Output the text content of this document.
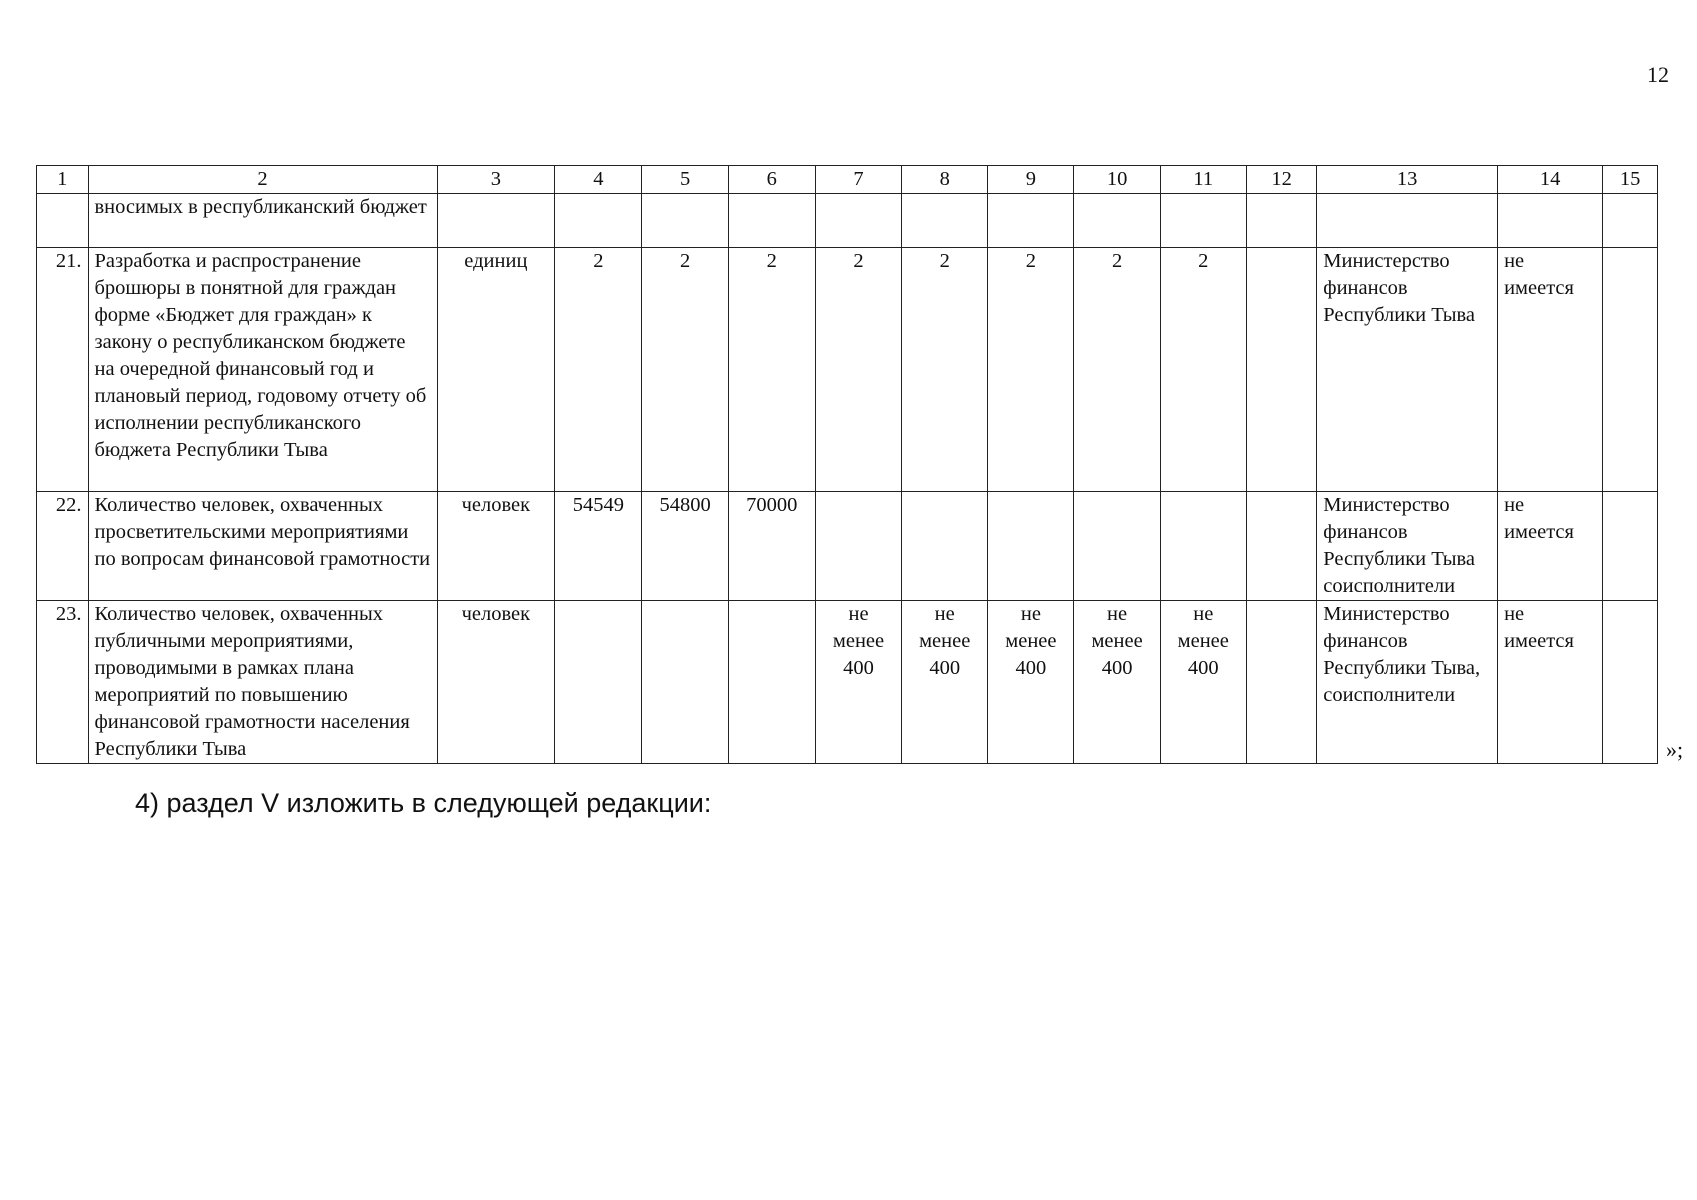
12
1	2	3	4	5	6	7	8	9	10	11	12	13	14	15
	вносимых в республиканский бюджет													
21.	Разработка и распространение брошюры в понятной для граждан форме «Бюджет для граждан» к закону о республиканском бюджете на очередной финансовый год и плановый период, годовому отчету об исполнении республиканского бюджета Республики Тыва	единиц	2	2	2	2	2	2	2	2		Министерство финансов Республики Тыва	не имеется	
22.	Количество человек, охваченных просветительскими мероприятиями по вопросам финансовой грамотности	человек	54549	54800	70000							Министерство финансов Республики Тыва соисполнители	не имеется	
23.	Количество человек, охваченных публичными мероприятиями, проводимыми в рамках плана мероприятий по повышению финансовой грамотности населения Республики Тыва	человек				не менее 400	не менее 400	не менее 400	не менее 400	не менее 400		Министерство финансов Республики Тыва, соисполнители	не имеется	
»;
4) раздел V изложить в следующей редакции:
